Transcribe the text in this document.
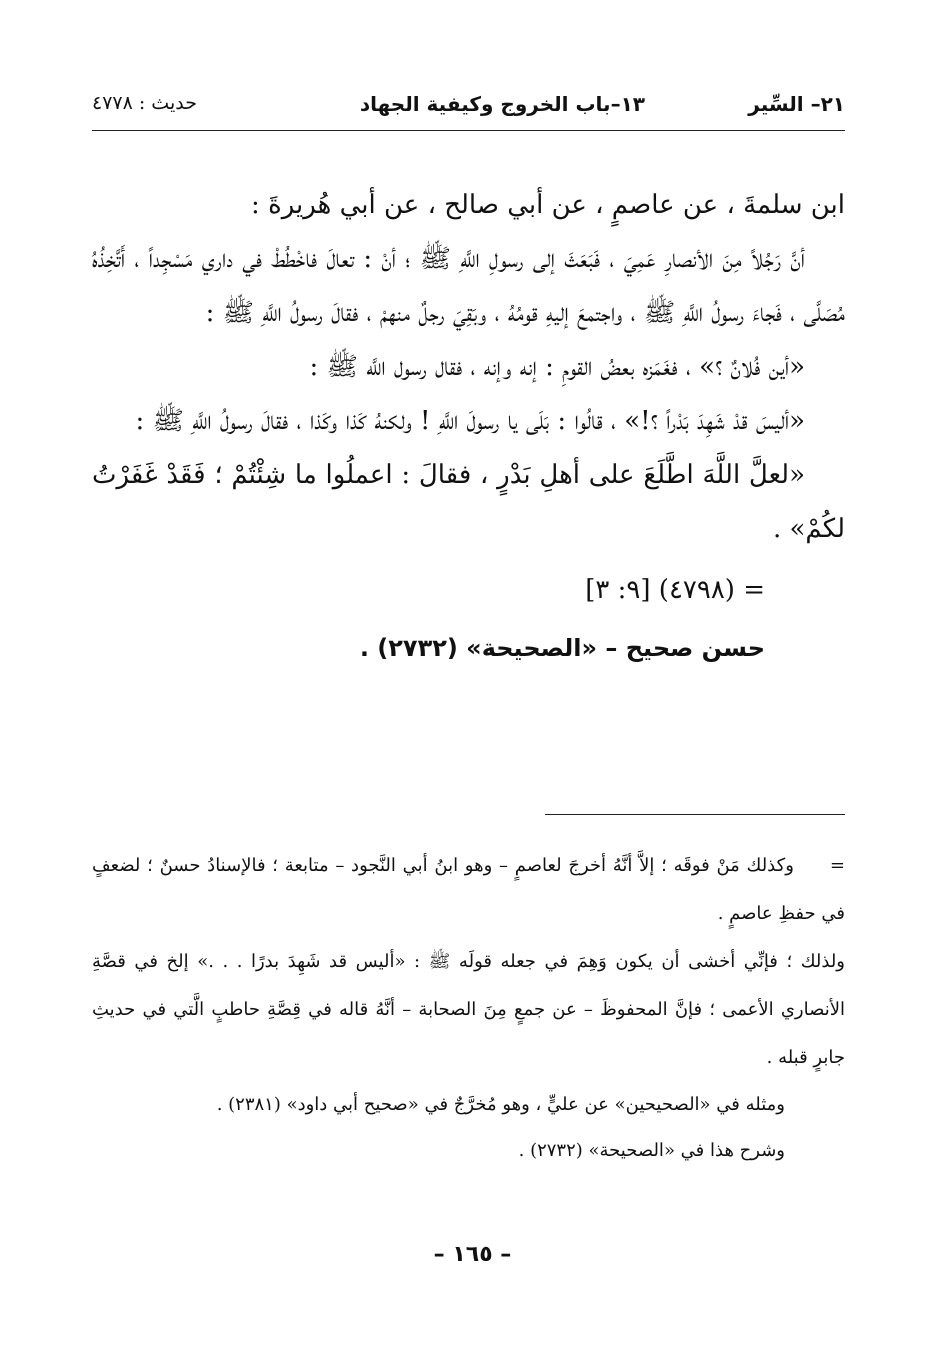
٢١– السِّير
١٣–باب الخروج وكيفية الجهاد
حديث : ٤٧٧٨

ابن سلمةَ ، عن عاصمٍ ، عن أبي صالح ، عن أبي هُريرةَ :

أنَّ رَجُلاً مِنَ الأنصارِ عَمِيَ ، فَبَعَثَ إلى رسولِ اللَّهِ ﷺ ؛ أنْ : تعالَ فاخْطُطْ في داري مَسْجِداً ، أَتَّخِذُهُ مُصَلَّى ، فَجاءَ رسولُ اللَّهِ ﷺ ، واجتمعَ إليهِ قومُهُ ، وبَقِيَ رجلٌ منهمْ ، فقالَ رسولُ اللَّهِ ﷺ :

«أين فُلانٌ ؟» ، فغَمَزه بعضُ القومِ : إنه وإنه ، فقال رسول اللَّه ﷺ :

«أليسَ قدْ شَهِدَ بَدْراً ؟!» ، قالُوا : بَلَى يا رسولَ اللَّهِ ! ولكنهُ كَذا وكَذا ، فقالَ رسولُ اللَّهِ ﷺ :

«لعلَّ اللَّهَ اطَّلَعَ على أهلِ بَدْرٍ ، فقالَ : اعملُوا ما شِئْتُمْ ؛ فَقَدْ غَفَرْتُ لكُمْ» .

= (٤٧٩٨) [٩: ٣]
حسن صحيح – «الصحيحة» (٢٧٣٢) .

=وكذلك مَنْ فوقَه ؛ إلاَّ أنَّهُ أخرجَ لعاصمٍ – وهو ابنُ أبي النَّجود – متابعة ؛ فالإسنادُ حسنٌ ؛ لضعفٍ في حفظِ عاصمٍ .

ولذلك ؛ فإنِّي أخشى أن يكون وَهِمَ في جعله قولَه ﷺ : «أليس قد شَهِدَ بدرًا . . .» إلخ في قصَّةِ الأنصاري الأعمى ؛ فإنَّ المحفوظَ – عن جمعٍ مِنَ الصحابة – أنَّهُ قاله في قِصَّةِ حاطبٍ الَّتي في حديثِ جابرٍ قبله .

ومثله في «الصحيحين» عن عليٍّ ، وهو مُخرَّجٌ في «صحيح أبي داود» (٢٣٨١) .

وشرح هذا في «الصحيحة» (٢٧٣٢) .

– ١٦٥ –
